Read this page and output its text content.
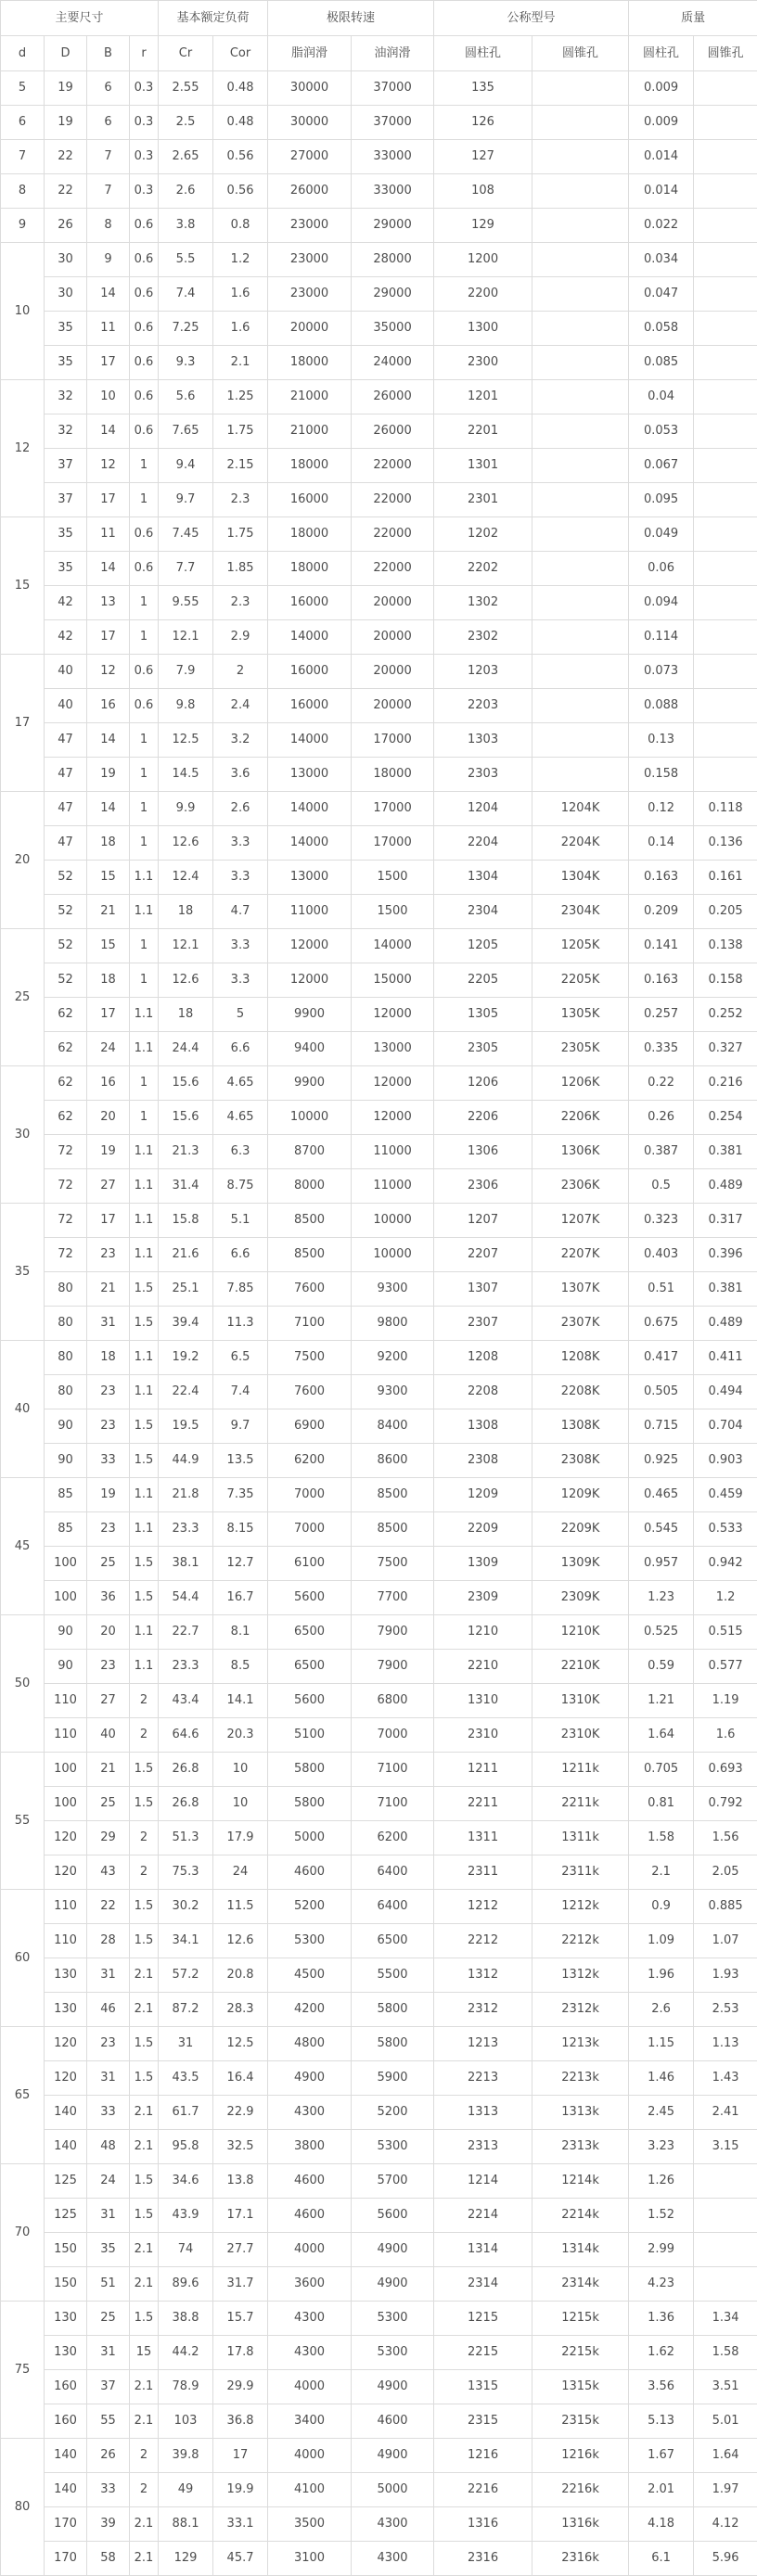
主要尺寸				基本额定负荷		极限转速		公称型号		质量	
d	D	B	r	Cr	Cor	脂润滑	油润滑	圆柱孔	圆锥孔	圆柱孔	圆锥孔
5	19	6	0.3	2.55	0.48	30000	37000	135		0.009	
6	19	6	0.3	2.5	0.48	30000	37000	126		0.009	
7	22	7	0.3	2.65	0.56	27000	33000	127		0.014	
8	22	7	0.3	2.6	0.56	26000	33000	108		0.014	
9	26	8	0.6	3.8	0.8	23000	29000	129		0.022	
10	30	9	0.6	5.5	1.2	23000	28000	1200		0.034	
	30	14	0.6	7.4	1.6	23000	29000	2200		0.047	
	35	11	0.6	7.25	1.6	20000	35000	1300		0.058	
	35	17	0.6	9.3	2.1	18000	24000	2300		0.085	
12	32	10	0.6	5.6	1.25	21000	26000	1201		0.04	
	32	14	0.6	7.65	1.75	21000	26000	2201		0.053	
	37	12	1	9.4	2.15	18000	22000	1301		0.067	
	37	17	1	9.7	2.3	16000	22000	2301		0.095	
15	35	11	0.6	7.45	1.75	18000	22000	1202		0.049	
	35	14	0.6	7.7	1.85	18000	22000	2202		0.06	
	42	13	1	9.55	2.3	16000	20000	1302		0.094	
	42	17	1	12.1	2.9	14000	20000	2302		0.114	
17	40	12	0.6	7.9	2	16000	20000	1203		0.073	
	40	16	0.6	9.8	2.4	16000	20000	2203		0.088	
	47	14	1	12.5	3.2	14000	17000	1303		0.13	
	47	19	1	14.5	3.6	13000	18000	2303		0.158	
20	47	14	1	9.9	2.6	14000	17000	1204	1204K	0.12	0.118
	47	18	1	12.6	3.3	14000	17000	2204	2204K	0.14	0.136
	52	15	1.1	12.4	3.3	13000	1500	1304	1304K	0.163	0.161
	52	21	1.1	18	4.7	11000	1500	2304	2304K	0.209	0.205
25	52	15	1	12.1	3.3	12000	14000	1205	1205K	0.141	0.138
	52	18	1	12.6	3.3	12000	15000	2205	2205K	0.163	0.158
	62	17	1.1	18	5	9900	12000	1305	1305K	0.257	0.252
	62	24	1.1	24.4	6.6	9400	13000	2305	2305K	0.335	0.327
30	62	16	1	15.6	4.65	9900	12000	1206	1206K	0.22	0.216
	62	20	1	15.6	4.65	10000	12000	2206	2206K	0.26	0.254
	72	19	1.1	21.3	6.3	8700	11000	1306	1306K	0.387	0.381
	72	27	1.1	31.4	8.75	8000	11000	2306	2306K	0.5	0.489
35	72	17	1.1	15.8	5.1	8500	10000	1207	1207K	0.323	0.317
	72	23	1.1	21.6	6.6	8500	10000	2207	2207K	0.403	0.396
	80	21	1.5	25.1	7.85	7600	9300	1307	1307K	0.51	0.381
	80	31	1.5	39.4	11.3	7100	9800	2307	2307K	0.675	0.489
40	80	18	1.1	19.2	6.5	7500	9200	1208	1208K	0.417	0.411
	80	23	1.1	22.4	7.4	7600	9300	2208	2208K	0.505	0.494
	90	23	1.5	19.5	9.7	6900	8400	1308	1308K	0.715	0.704
	90	33	1.5	44.9	13.5	6200	8600	2308	2308K	0.925	0.903
45	85	19	1.1	21.8	7.35	7000	8500	1209	1209K	0.465	0.459
	85	23	1.1	23.3	8.15	7000	8500	2209	2209K	0.545	0.533
	100	25	1.5	38.1	12.7	6100	7500	1309	1309K	0.957	0.942
	100	36	1.5	54.4	16.7	5600	7700	2309	2309K	1.23	1.2
50	90	20	1.1	22.7	8.1	6500	7900	1210	1210K	0.525	0.515
	90	23	1.1	23.3	8.5	6500	7900	2210	2210K	0.59	0.577
	110	27	2	43.4	14.1	5600	6800	1310	1310K	1.21	1.19
	110	40	2	64.6	20.3	5100	7000	2310	2310K	1.64	1.6
55	100	21	1.5	26.8	10	5800	7100	1211	1211k	0.705	0.693
	100	25	1.5	26.8	10	5800	7100	2211	2211k	0.81	0.792
	120	29	2	51.3	17.9	5000	6200	1311	1311k	1.58	1.56
	120	43	2	75.3	24	4600	6400	2311	2311k	2.1	2.05
60	110	22	1.5	30.2	11.5	5200	6400	1212	1212k	0.9	0.885
	110	28	1.5	34.1	12.6	5300	6500	2212	2212k	1.09	1.07
	130	31	2.1	57.2	20.8	4500	5500	1312	1312k	1.96	1.93
	130	46	2.1	87.2	28.3	4200	5800	2312	2312k	2.6	2.53
65	120	23	1.5	31	12.5	4800	5800	1213	1213k	1.15	1.13
	120	31	1.5	43.5	16.4	4900	5900	2213	2213k	1.46	1.43
	140	33	2.1	61.7	22.9	4300	5200	1313	1313k	2.45	2.41
	140	48	2.1	95.8	32.5	3800	5300	2313	2313k	3.23	3.15
70	125	24	1.5	34.6	13.8	4600	5700	1214	1214k	1.26	
	125	31	1.5	43.9	17.1	4600	5600	2214	2214k	1.52	
	150	35	2.1	74	27.7	4000	4900	1314	1314k	2.99	
	150	51	2.1	89.6	31.7	3600	4900	2314	2314k	4.23	
75	130	25	1.5	38.8	15.7	4300	5300	1215	1215k	1.36	1.34
	130	31	15	44.2	17.8	4300	5300	2215	2215k	1.62	1.58
	160	37	2.1	78.9	29.9	4000	4900	1315	1315k	3.56	3.51
	160	55	2.1	103	36.8	3400	4600	2315	2315k	5.13	5.01
80	140	26	2	39.8	17	4000	4900	1216	1216k	1.67	1.64
	140	33	2	49	19.9	4100	5000	2216	2216k	2.01	1.97
	170	39	2.1	88.1	33.1	3500	4300	1316	1316k	4.18	4.12
	170	58	2.1	129	45.7	3100	4300	2316	2316k	6.1	5.96
